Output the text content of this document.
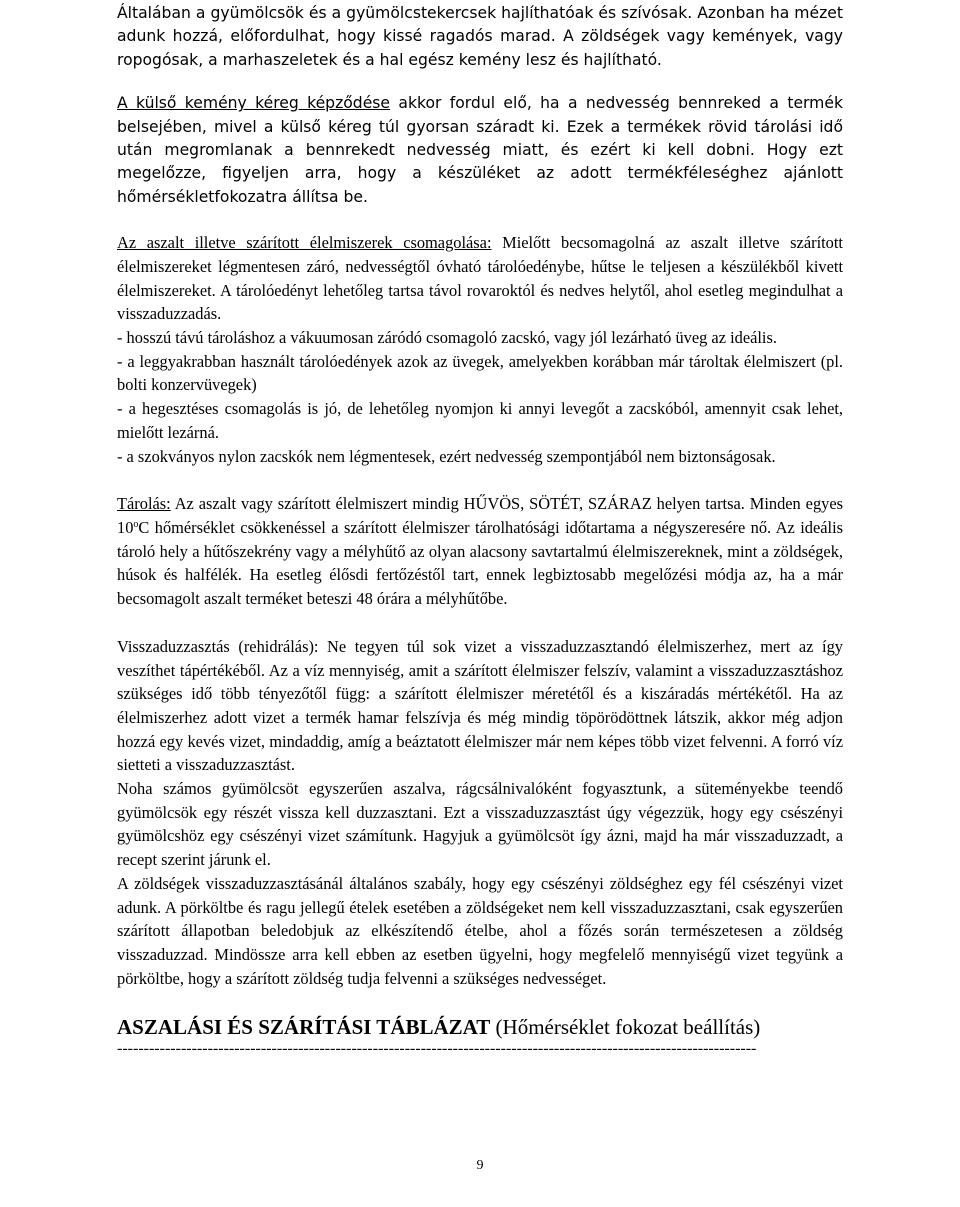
Általában a gyümölcsök és a gyümölcstekercsek hajlíthatóak és szívósak. Azonban ha mézet adunk hozzá, előfordulhat, hogy kissé ragadós marad. A zöldségek vagy kemények, vagy ropogósak, a marhaszeletek és a hal egész kemény lesz és hajlítható.

A külső kemény kéreg képződése akkor fordul elő, ha a nedvesség bennreked a termék belsejében, mivel a külső kéreg túl gyorsan száradt ki. Ezek a termékek rövid tárolási idő után megromlanak a bennrekedt nedvesség miatt, és ezért ki kell dobni. Hogy ezt megelőzze, figyeljen arra, hogy a készüléket az adott termékféleséghez ajánlott hőmérsékletfokozatra állítsa be.

Az aszalt illetve szárított élelmiszerek csomagolása: Mielőtt becsomagolná az aszalt illetve szárított élelmiszereket légmentesen záró, nedvességtől óvható tárolóedénybe, hűtse le teljesen a készülékből kivett élelmiszereket. A tárolóedényt lehetőleg tartsa távol rovaroktól és nedves helytől, ahol esetleg megindulhat a visszaduzzadás.

- hosszú távú tároláshoz a vákuumosan záródó csomagoló zacskó, vagy jól lezárható üveg az ideális.

- a leggyakrabban használt tárolóedények azok az üvegek, amelyekben korábban már tároltak élelmiszert (pl. bolti konzervüvegek)

- a hegesztéses csomagolás is jó, de lehetőleg nyomjon ki annyi levegőt a zacskóból, amennyit csak lehet, mielőtt lezárná.

- a szokványos nylon zacskók nem légmentesek, ezért nedvesség szempontjából nem biztonságosak.

Tárolás: Az aszalt vagy szárított élelmiszert mindig HŰVÖS, SÖTÉT, SZÁRAZ helyen tartsa. Minden egyes 10$^o$C hőmérséklet csökkenéssel a szárított élelmiszer tárolhatósági időtartama a négyszeresére nő. Az ideális tároló hely a hűtőszekrény vagy a mélyhűtő az olyan alacsony savtartalmú élelmiszereknek, mint a zöldségek, húsok és halfélék. Ha esetleg élősdi fertőzéstől tart, ennek legbiztosabb megelőzési módja az, ha a már becsomagolt aszalt terméket beteszi 48 órára a mélyhűtőbe.

Visszaduzzasztás (rehidrálás): Ne tegyen túl sok vizet a visszaduzzasztandó élelmiszerhez, mert az így veszíthet tápértékéből. Az a víz mennyiség, amit a szárított élelmiszer felszív, valamint a visszaduzzasztáshoz szükséges idő több tényezőtől függ: a szárított élelmiszer méretétől és a kiszáradás mértékétől. Ha az élelmiszerhez adott vizet a termék hamar felszívja és még mindig töpörödöttnek látszik, akkor még adjon hozzá egy kevés vizet, mindaddig, amíg a beáztatott élelmiszer már nem képes több vizet felvenni. A forró víz sietteti a visszaduzzasztást.

Noha számos gyümölcsöt egyszerűen aszalva, rágcsálnivalóként fogyasztunk, a süteményekbe teendő gyümölcsök egy részét vissza kell duzzasztani. Ezt a visszaduzzasztást úgy végezzük, hogy egy csészényi gyümölcshöz egy csészényi vizet számítunk. Hagyjuk a gyümölcsöt így ázni, majd ha már visszaduzzadt, a recept szerint járunk el.

A zöldségek visszaduzzasztásánál általános szabály, hogy egy csészényi zöldséghez egy fél csészényi vizet adunk. A pörköltbe és ragu jellegű ételek esetében a zöldségeket nem kell visszaduzzasztani, csak egyszerűen szárított állapotban beledobjuk az elkészítendő ételbe, ahol a főzés során természetesen a zöldség visszaduzzad. Mindössze arra kell ebben az esetben ügyelni, hogy megfelelő mennyiségű vizet tegyünk a pörköltbe, hogy a szárított zöldség tudja felvenni a szükséges nedvességet.

ASZALÁSI ÉS SZÁRÍTÁSI TÁBLÁZAT (Hőmérséklet fokozat beállítás)

------------------------------------------------------------------------------------------------------------------------
9
